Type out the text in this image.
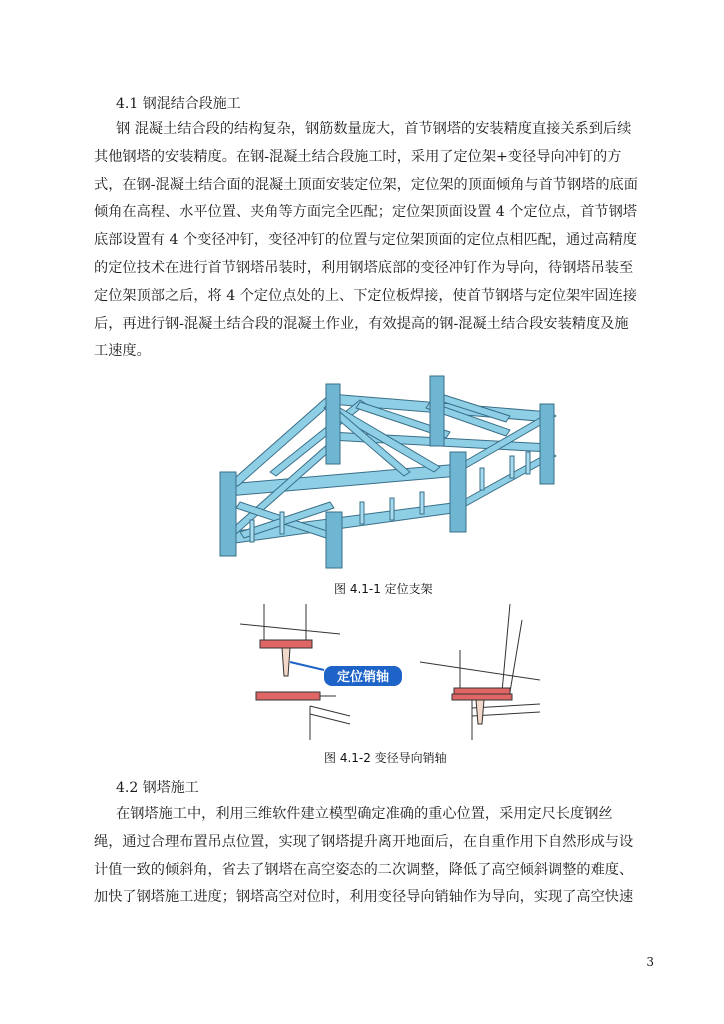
4.1 钢混结合段施工
钢 混凝土结合段的结构复杂，钢筋数量庞大，首节钢塔的安装精度直接关系到后续
其他钢塔的安装精度。在钢-混凝土结合段施工时，采用了定位架+变径导向冲钉的方
式，在钢-混凝土结合面的混凝土顶面安装定位架，定位架的顶面倾角与首节钢塔的底面
倾角在高程、水平位置、夹角等方面完全匹配；定位架顶面设置 4 个定位点，首节钢塔
底部设置有 4 个变径冲钉，变径冲钉的位置与定位架顶面的定位点相匹配，通过高精度
的定位技术在进行首节钢塔吊装时，利用钢塔底部的变径冲钉作为导向，待钢塔吊装至
定位架顶部之后，将 4 个定位点处的上、下定位板焊接，使首节钢塔与定位架牢固连接
后，再进行钢-混凝土结合段的混凝土作业，有效提高的钢-混凝土结合段安装精度及施
工速度。
图 4.1-1 定位支架
定位销轴
图 4.1-2 变径导向销轴
4.2 钢塔施工
在钢塔施工中，利用三维软件建立模型确定准确的重心位置，采用定尺长度钢丝
绳，通过合理布置吊点位置，实现了钢塔提升离开地面后，在自重作用下自然形成与设
计值一致的倾斜角，省去了钢塔在高空姿态的二次调整，降低了高空倾斜调整的难度、
加快了钢塔施工进度；钢塔高空对位时，利用变径导向销轴作为导向，实现了高空快速
3
